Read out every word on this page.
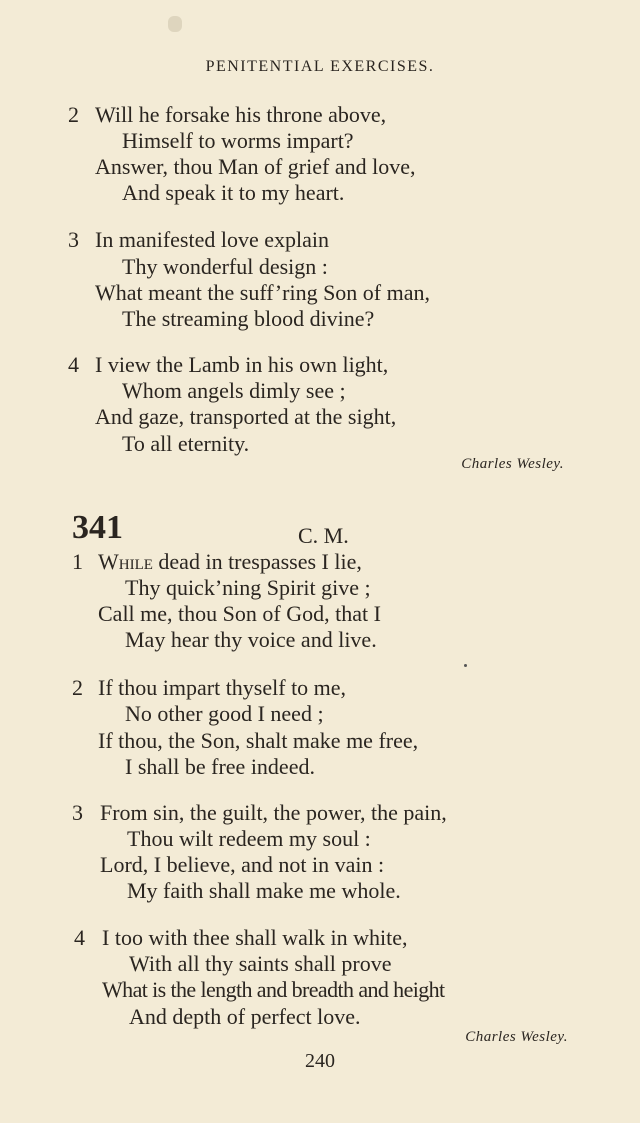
PENITENTIAL EXERCISES.
2 Will he forsake his throne above,
Himself to worms impart?
Answer, thou Man of grief and love,
And speak it to my heart.
3 In manifested love explain
Thy wonderful design :
What meant the suff’ring Son of man,
The streaming blood divine?
4 I view the Lamb in his own light,
Whom angels dimly see ;
And gaze, transported at the sight,
To all eternity.
Charles Wesley.
341	C. M.
1 While dead in trespasses I lie,
Thy quick’ning Spirit give ;
Call me, thou Son of God, that I
May hear thy voice and live.
2 If thou impart thyself to me,
No other good I need ;
If thou, the Son, shalt make me free,
I shall be free indeed.
3 From sin, the guilt, the power, the pain,
Thou wilt redeem my soul :
Lord, I believe, and not in vain :
My faith shall make me whole.
4 I too with thee shall walk in white,
With all thy saints shall prove
What is the length and breadth and height
And depth of perfect love.
Charles Wesley.
240
